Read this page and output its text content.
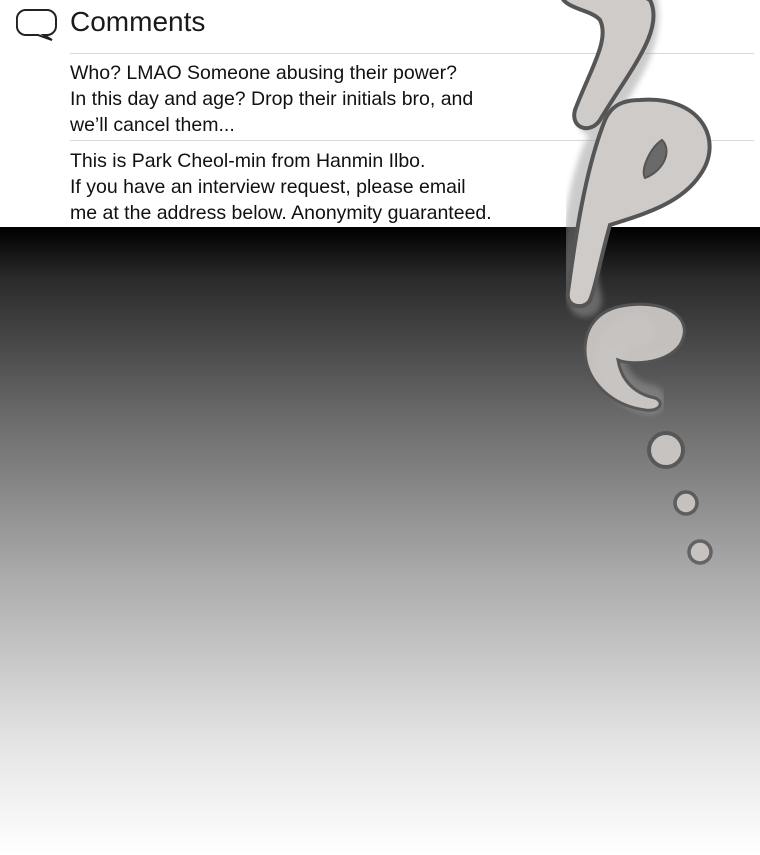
Comments
Who? LMAO Someone abusing their power?
In this day and age? Drop their initials bro, and
we’ll cancel them...
This is Park Cheol-min from Hanmin Ilbo.
If you have an interview request, please email
me at the address below. Anonymity guaranteed.
